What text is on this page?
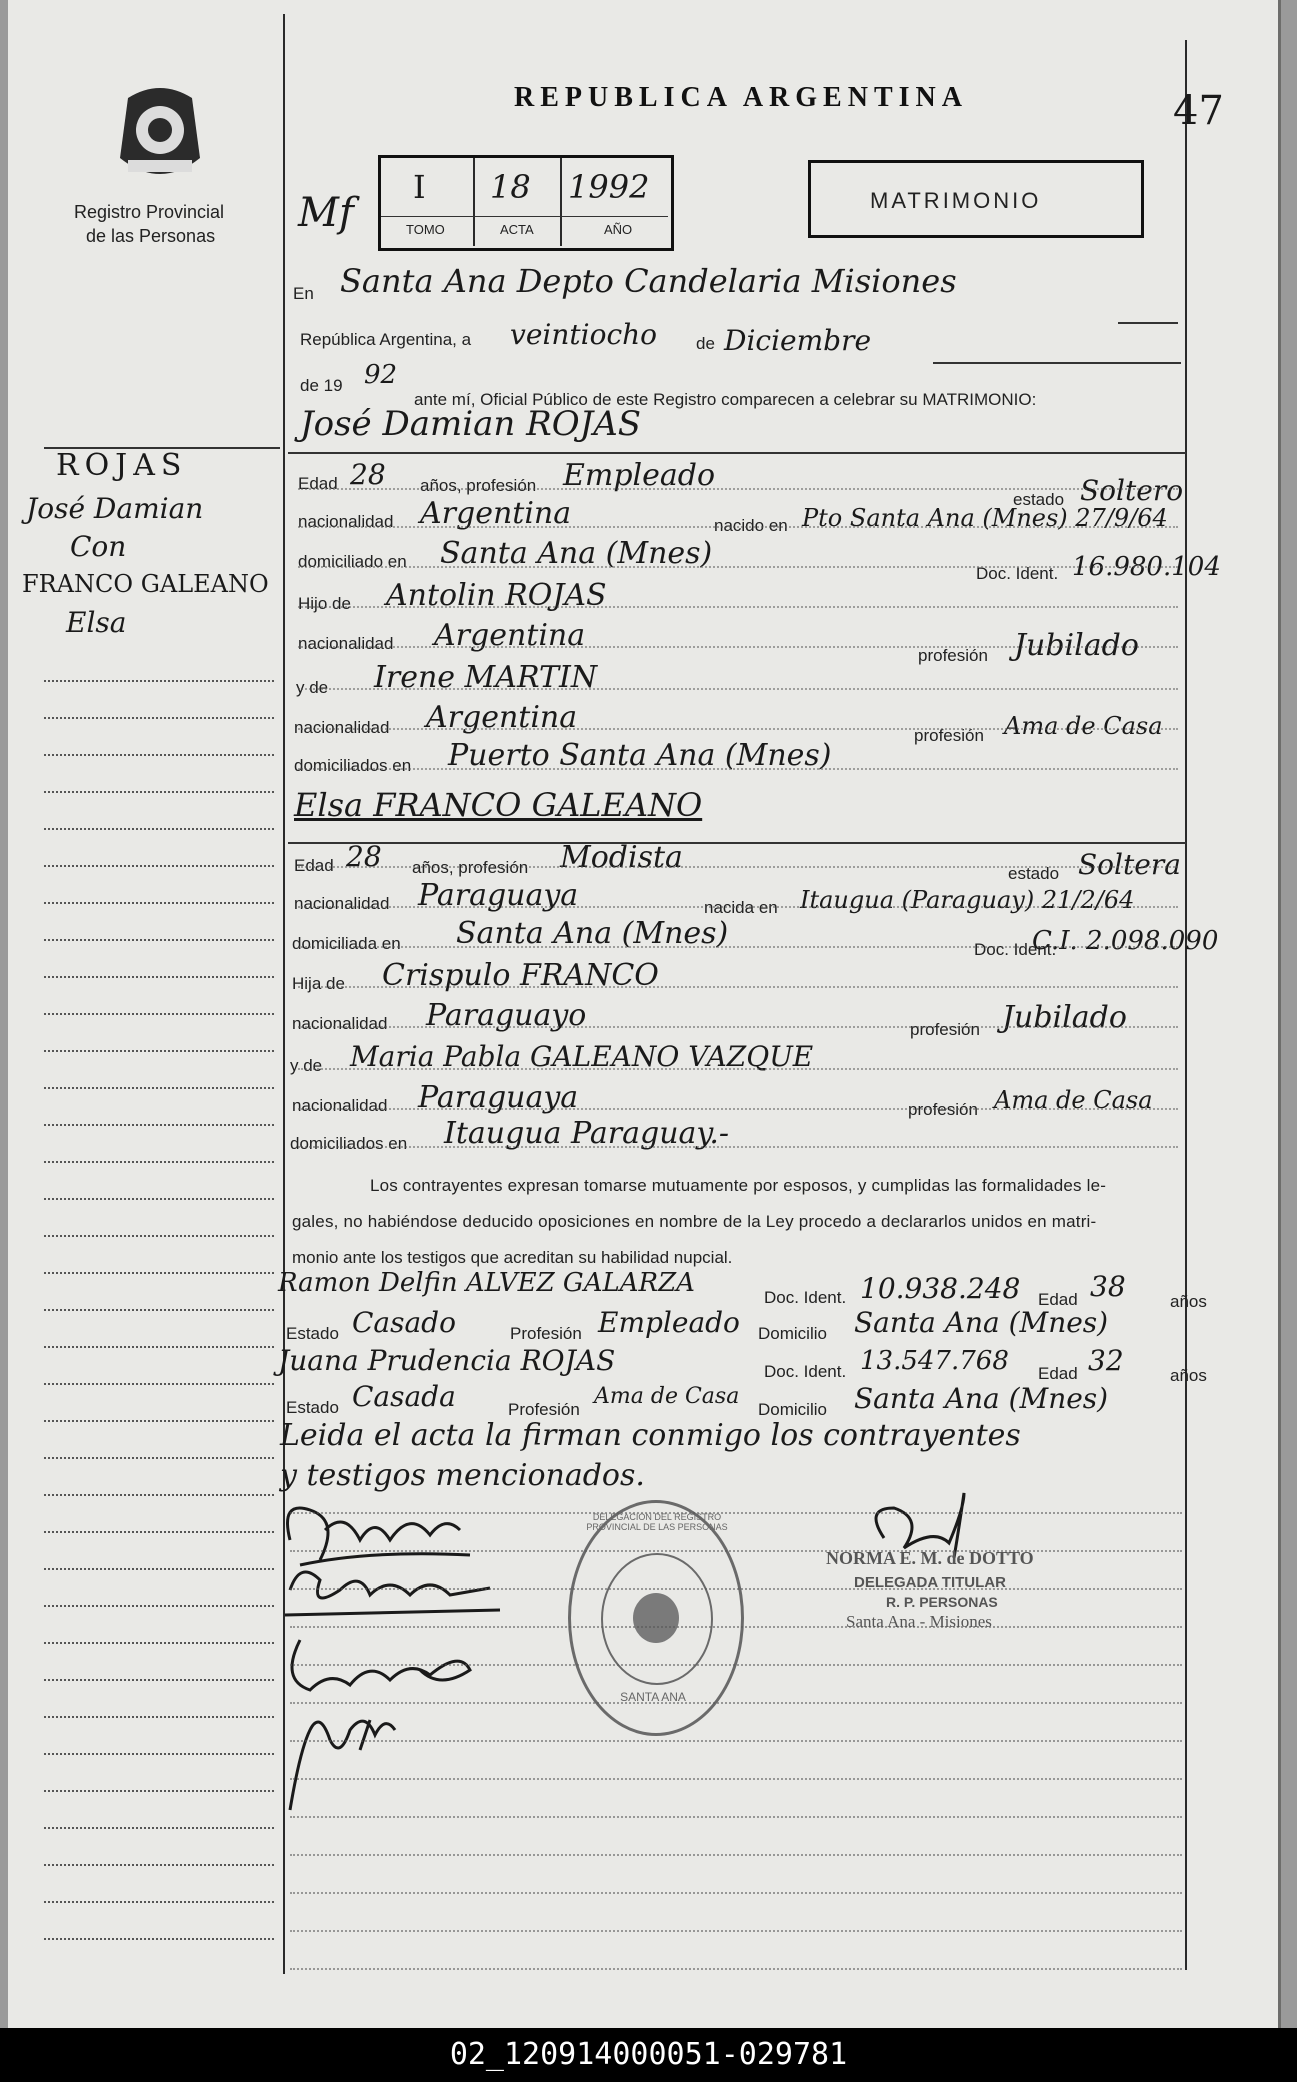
Registro Provincial
de las Personas
REPUBLICA ARGENTINA	47
I 18 1992
TOMO	ACTA	AÑO
Mf	MATRIMONIO
ROJAS
José Damian
Con
FRANCO GALEANO
Elsa
En Santa Ana Depto Candelaria Misiones
República Argentina, a veintiocho de Diciembre
de 19 92
ante mí, Oficial Público de este Registro comparecen a celebrar su MATRIMONIO:
José Damian ROJAS
Edad 28 años, profesión Empleado
estado Soltero
nacionalidad Argentina	nacido en Pto Santa Ana (Mnes) 27/9/64
domiciliado en Santa Ana (Mnes)
Doc. Ident. 16.980.104
Hijo de Antolin ROJAS
nacionalidad Argentina
profesión Jubilado
y de Irene MARTIN
nacionalidad Argentina
profesión Ama de Casa
domiciliados en Puerto Santa Ana (Mnes)
Elsa FRANCO GALEANO
Edad 28 años, profesión Modista	estado Soltera
nacionalidad Paraguaya	nacida en Itaugua (Paraguay) 21/2/64
domiciliada en Santa Ana (Mnes)	Doc. Ident.
C.I. 2.098.090
Hija de Crispulo FRANCO
nacionalidad Paraguayo	profesión Jubilado
y de Maria Pabla GALEANO VAZQUE
nacionalidad Paraguaya	profesión Ama de Casa
domiciliados en Itaugua Paraguay.-
Los contrayentes expresan tomarse mutuamente por esposos, y cumplidas las formalidades le-
gales, no habiéndose deducido oposiciones en nombre de la Ley procedo a declararlos unidos en matri-
monio ante los testigos que acreditan su habilidad nupcial.
Ramon Delfin ALVEZ GALARZA	Doc. Ident. 10.938.248 Edad 38	años
Estado Casado	Profesión Empleado Domicilio Santa Ana (Mnes)
Juana Prudencia ROJAS	Doc. Ident. 13.547.768 Edad 32	años
Estado Casada	Profesión
Ama de Casa
Domicilio Santa Ana (Mnes)
Leida el acta la firman conmigo los contrayentes
y testigos mencionados.
DELEGACION DEL REGISTRO PROVINCIAL DE LAS PERSONAS
SANTA ANA
NORMA E. M. de DOTTO
DELEGADA TITULAR
R. P. PERSONAS
Santa Ana - Misiones
02_120914000051-029781
